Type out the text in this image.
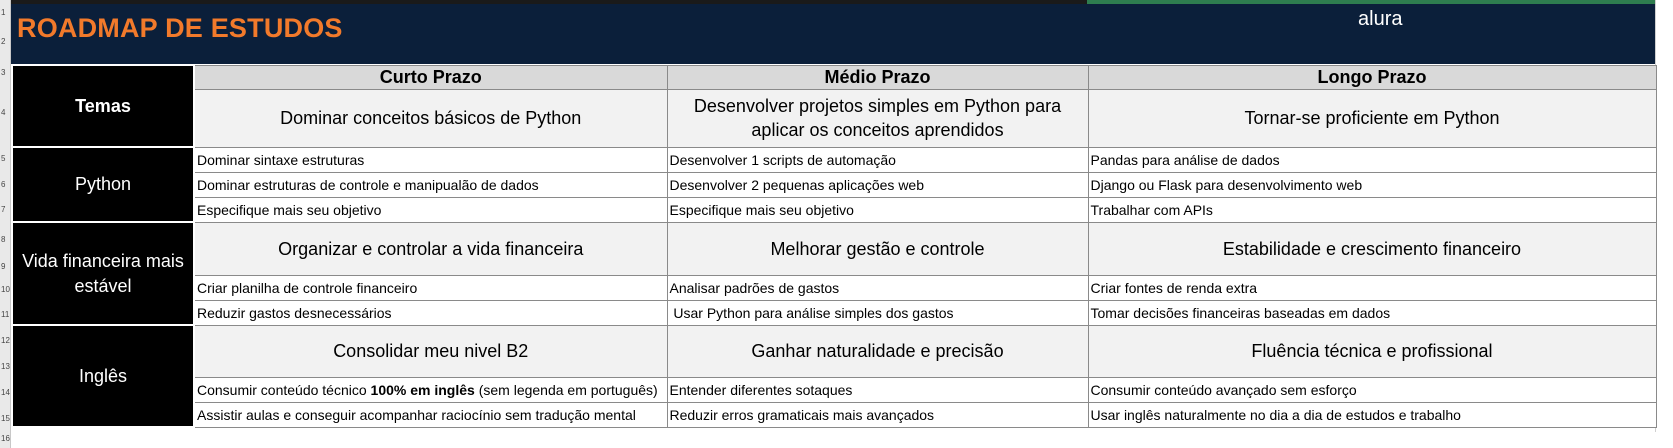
1
2
3
4
5
6
7
8
9
10
11
12
13
14
15
16
ROADMAP DE ESTUDOS	alura
Temas	Curto Prazo	Médio Prazo	Longo Prazo
	Dominar conceitos básicos de Python	Desenvolver projetos simples em Python para aplicar os conceitos aprendidos	Tornar-se proficiente em Python
Python	Dominar sintaxe estruturas	Desenvolver 1 scripts de automação	Pandas para análise de dados
	Dominar estruturas de controle e manipualão de dados	Desenvolver 2 pequenas aplicações web	Django ou Flask para desenvolvimento web
	Especifique mais seu objetivo	Especifique mais seu objetivo	Trabalhar com APIs
Vida financeira mais estável	Organizar e controlar a vida financeira	Melhorar gestão e controle	Estabilidade e crescimento financeiro
	Criar planilha de controle financeiro	Analisar padrões de gastos	Criar fontes de renda extra
	Reduzir gastos desnecessários	Usar Python para análise simples dos gastos	Tomar decisões financeiras baseadas em dados
Inglês	Consolidar meu nivel B2	Ganhar naturalidade e precisão	Fluência técnica e profissional
	Consumir conteúdo técnico 100% em inglês (sem legenda em português)	Entender diferentes sotaques	Consumir conteúdo avançado sem esforço
	Assistir aulas e conseguir acompanhar raciocínio sem tradução mental	Reduzir erros gramaticais mais avançados	Usar inglês naturalmente no dia a dia de estudos e trabalho
